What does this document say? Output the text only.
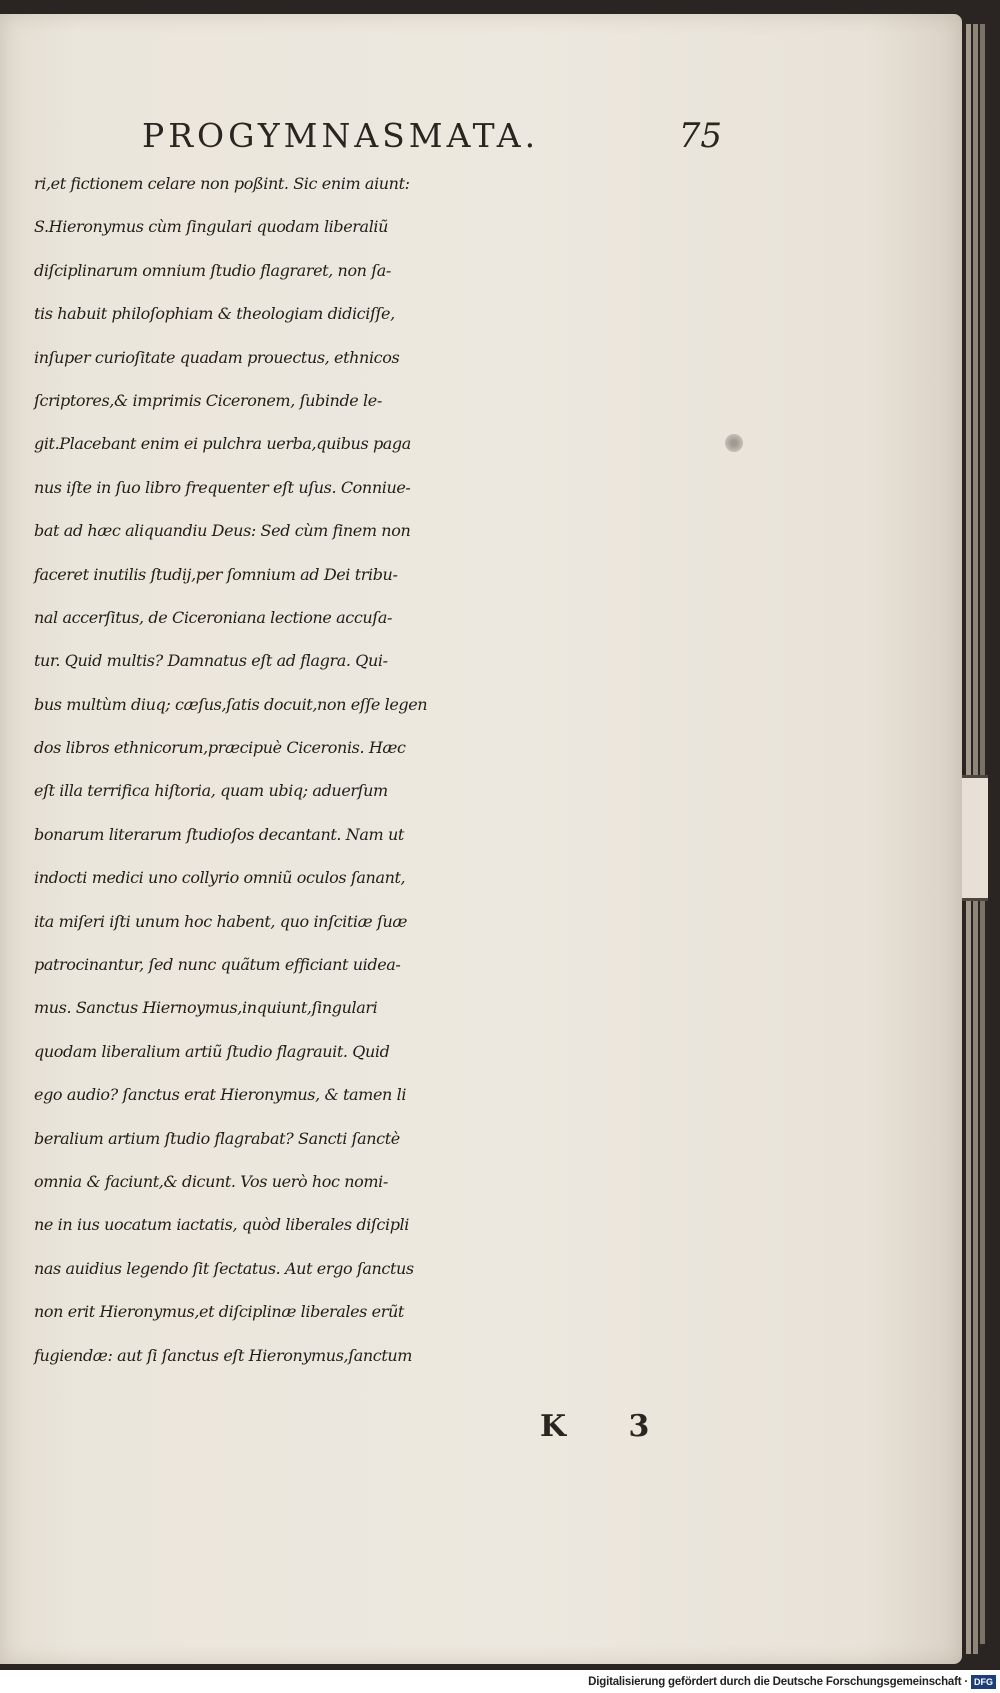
PROGYMNASMATA.	75
ri,et fictionem celare non poßint. Sic enim aiunt:
S.Hieronymus cùm ſingulari quodam liberaliũ
diſciplinarum omnium ſtudio flagraret, non ſa-
tis habuit philoſophiam & theologiam didiciſſe,
inſuper curioſitate quadam prouectus, ethnicos
ſcriptores,& imprimis Ciceronem, ſubinde le-
git.Placebant enim ei pulchra uerba,quibus paga
nus iſte in ſuo libro frequenter eſt uſus. Conniue-
bat ad hæc aliquandiu Deus: Sed cùm finem non
faceret inutilis ſtudij,per ſomnium ad Dei tribu-
nal accerſitus, de Ciceroniana lectione accuſa-
tur. Quid multis? Damnatus eſt ad flagra. Qui-
bus multùm diuq; cæſus,ſatis docuit,non eſſe legen
dos libros ethnicorum,præcipuè Ciceronis. Hæc
eſt illa terrifica hiſtoria, quam ubiq; aduerſum
bonarum literarum ſtudioſos decantant. Nam ut
indocti medici uno collyrio omniũ oculos ſanant,
ita miſeri iſti unum hoc habent, quo inſcitiæ ſuæ
patrocinantur, ſed nunc quãtum efficiant uidea-
mus. Sanctus Hiernoymus,inquiunt,ſingulari
quodam liberalium artiũ ſtudio flagrauit. Quid
ego audio? ſanctus erat Hieronymus, & tamen li
beralium artium ſtudio flagrabat? Sancti ſanctè
omnia & faciunt,& dicunt. Vos uerò hoc nomi-
ne in ius uocatum iactatis, quòd liberales diſcipli
nas auidius legendo ſit ſectatus. Aut ergo ſanctus
non erit Hieronymus,et diſciplinæ liberales erũt
fugiendæ: aut ſi ſanctus eſt Hieronymus,ſanctum
K 3
Digitalisierung gefördert durch die Deutsche Forschungsgemeinschaft · DFG
